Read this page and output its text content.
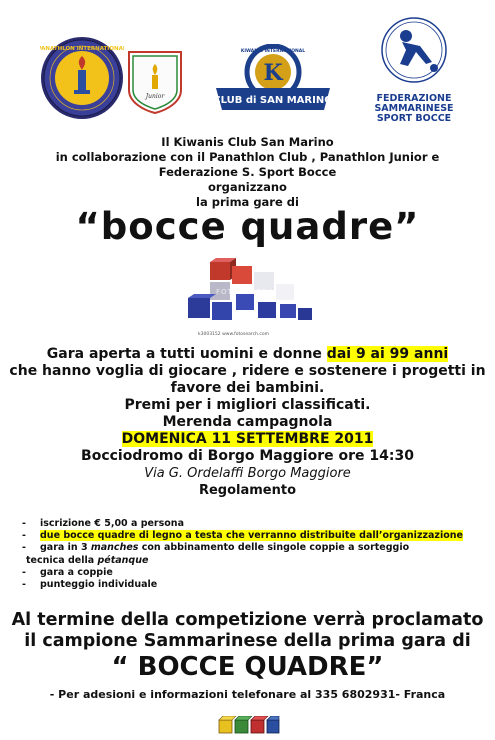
PANATHLON INTERNATIONAL
Junior
K
CLUB di SAN MARINO
KIWANIS INTERNATIONAL
FEDERAZIONE
SAMMARINESE
SPORT BOCCE
Il Kiwanis Club San Marino
in collaborazione con il Panathlon Club , Panathlon Junior e
Federazione S. Sport Bocce
organizzano
la prima gare di
“bocce quadre”
FOTOSEARCH
k3003152 www.fotosearch.com
Gara aperta a tutti uomini e donne dai 9 ai 99 anni
che hanno voglia di giocare , ridere e sostenere i progetti in
favore dei bambini.
Premi per i migliori classificati.
Merenda campagnola
DOMENICA 11 SETTEMBRE 2011
Bocciodromo di Borgo Maggiore ore 14:30
Via G. Ordelaffi Borgo Maggiore
Regolamento
- iscrizione € 5,00 a persona
- due bocce quadre di legno a testa che verranno distribuite dall’organizzazione
- gara in 3 manches con abbinamento delle singole coppie a sorteggio
tecnica della pétanque
- gara a coppie
- punteggio individuale
Al termine della competizione verrà proclamato
il campione Sammarinese della prima gara di
“ BOCCE QUADRE”
- Per adesioni e informazioni telefonare al 335 6802931- Franca
